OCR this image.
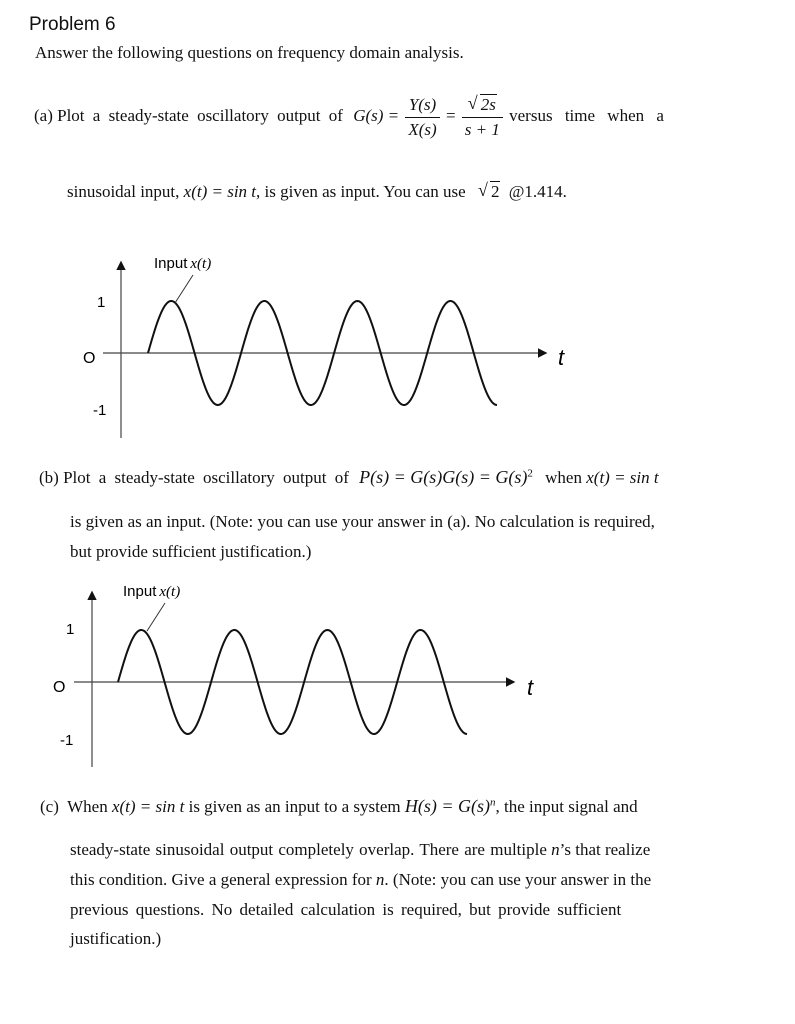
Problem 6
Answer the following questions on frequency domain analysis.
(a) Plot a steady-state oscillatory output of $G(s) = \frac{Y(s)}{X(s)} = \frac{√ 2s}{s + 1}$ versus time when a
sinusoidal input, x(t) = sin t, is given as input. You can use √ 2 @1.414.
Input x(t)
1
O
-1
t
(b) Plot a steady-state oscillatory output of $P(s) = G(s)G(s) = G(s)^2$ when x(t) = sin t
is given as an input. (Note: you can use your answer in (a). No calculation is required,
but provide sufficient justification.)
Input x(t)
1
O
-1
t
(c) When x(t) = sin t is given as an input to a system $H(s) = G(s)^n$, the input signal and
steady-state sinusoidal output completely overlap. There are multiple n’s that realize
this condition. Give a general expression for n. (Note: you can use your answer in the
previous questions. No detailed calculation is required, but provide sufficient
justification.)
